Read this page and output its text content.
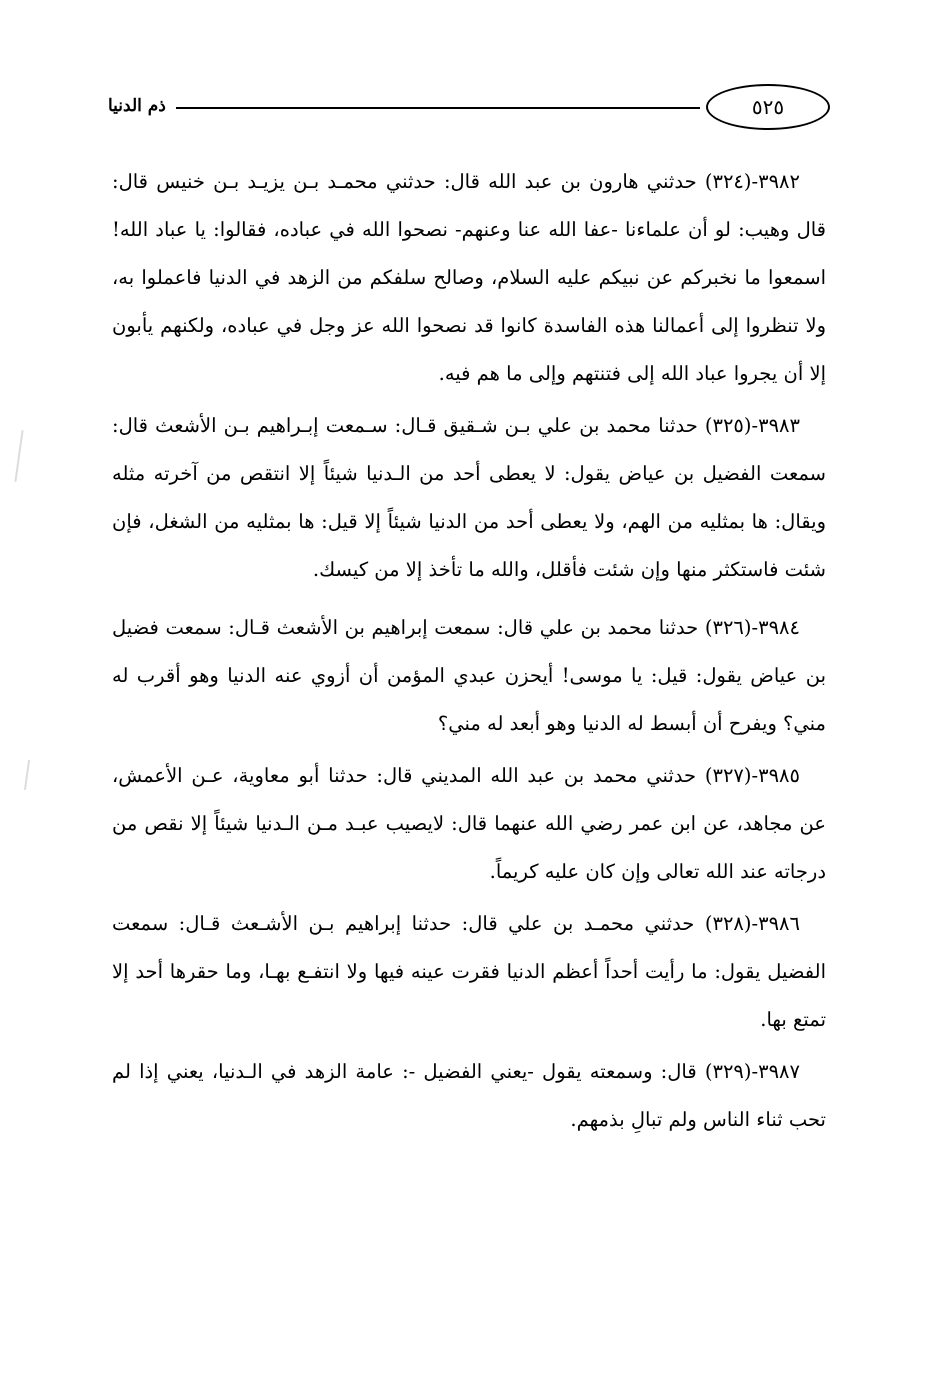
٥٢٥
ذم الدنيا

٣٩٨٢-(٣٢٤) حدثني هارون بن عبد الله قال: حدثني محمـد بـن يزيـد بـن خنيس قال: قال وهيب: لو أن علماءنا -عفا الله عنا وعنهم- نصحوا الله في عباده، فقالوا: يا عباد الله! اسمعوا ما نخبركم عن نبيكم عليه السلام، وصالح سلفكم من الزهد في الدنيا فاعملوا به، ولا تنظروا إلى أعمالنا هذه الفاسدة كانوا قد نصحوا الله عز وجل في عباده، ولكنهم يأبون إلا أن يجروا عباد الله إلى فتنتهم وإلى ما هم فيه.

٣٩٨٣-(٣٢٥) حدثنا محمد بن علي بـن شـقيق قـال: سـمعت إبـراهيم بـن الأشعث قال: سمعت الفضيل بن عياض يقول: لا يعطى أحد من الـدنيا شيئاً إلا انتقص من آخرته مثله ويقال: ها بمثليه من الهم، ولا يعطى أحد من الدنيا شيئاً إلا قيل: ها بمثليه من الشغل، فإن شئت فاستكثر منها وإن شئت فأقلل، والله ما تأخذ إلا من كيسك.

٣٩٨٤-(٣٢٦) حدثنا محمد بن علي قال: سمعت إبراهيم بن الأشعث قـال: سمعت فضيل بن عياض يقول: قيل: يا موسى! أيحزن عبدي المؤمن أن أزوي عنه الدنيا وهو أقرب له مني؟ ويفرح أن أبسط له الدنيا وهو أبعد له مني؟

٣٩٨٥-(٣٢٧) حدثني محمد بن عبد الله المديني قال: حدثنا أبو معاوية، عـن الأعمش، عن مجاهد، عن ابن عمر رضي الله عنهما قال: لايصيب عبـد مـن الـدنيا شيئاً إلا نقص من درجاته عند الله تعالى وإن كان عليه كريماً.

٣٩٨٦-(٣٢٨) حدثني محمـد بن علي قال: حدثنا إبراهيم بـن الأشـعث قـال: سمعت الفضيل يقول: ما رأيت أحداً أعظم الدنيا فقرت عينه فيها ولا انتفـع بهـا، وما حقرها أحد إلا تمتع بها.

٣٩٨٧-(٣٢٩) قال: وسمعته يقول -يعني الفضيل -: عامة الزهد في الـدنيا، يعني إذا لم تحب ثناء الناس ولم تبالِ بذمهم.
